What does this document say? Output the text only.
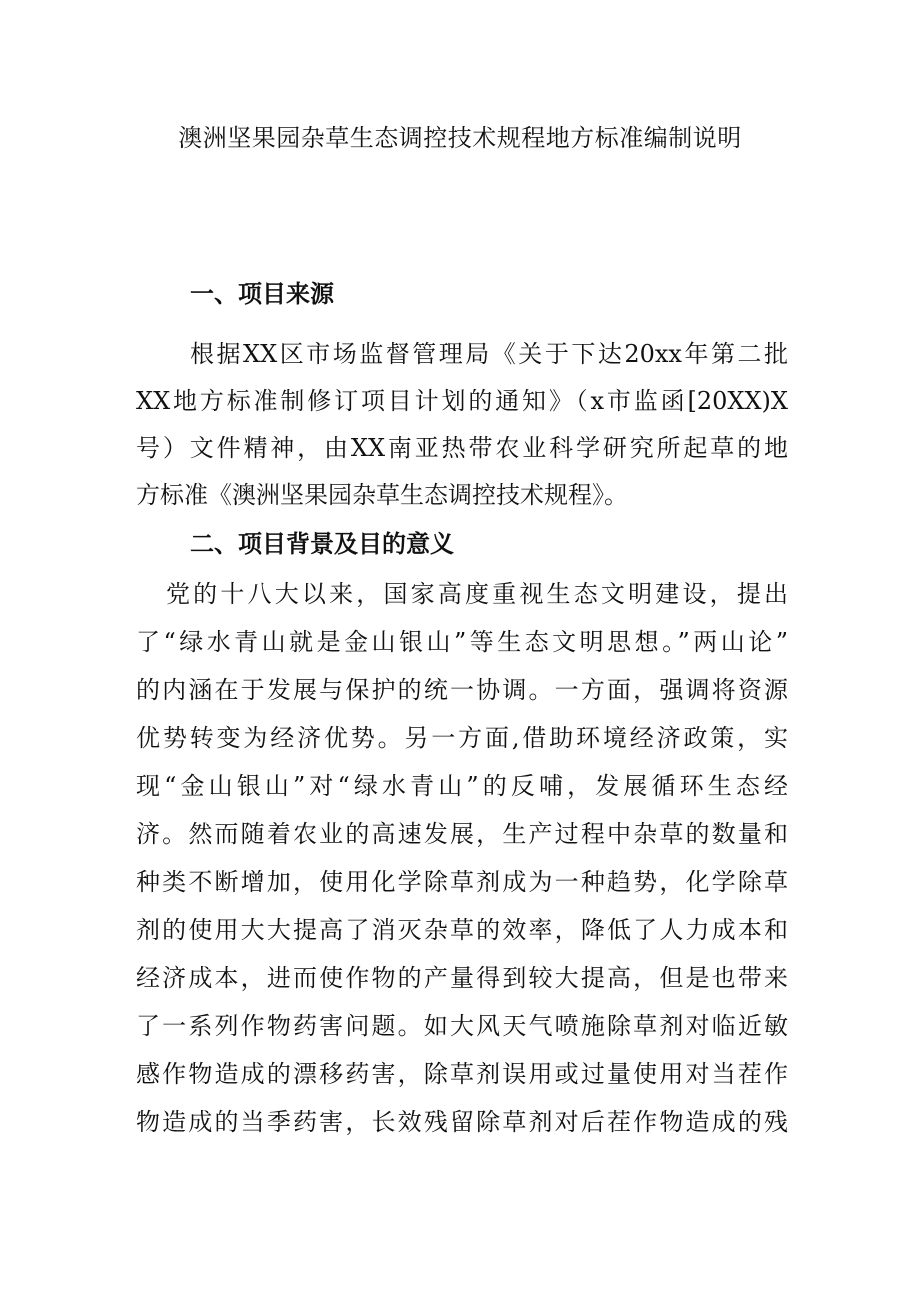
澳洲坚果园杂草生态调控技术规程地方标准编制说明
一、项目来源
根据XX区市场监督管理局《关于下达20xx年第二批
XX地方标准制修订项目计划的通知》（x市监函[20XX)X
号）文件精神，由XX南亚热带农业科学研究所起草的地
方标准《澳洲坚果园杂草生态调控技术规程》。
二、项目背景及目的意义
党的十八大以来，国家高度重视生态文明建设，提出
了“绿水青山就是金山银山”等生态文明思想。”两山论”
的内涵在于发展与保护的统一协调。一方面，强调将资源
优势转变为经济优势。另一方面,借助环境经济政策，实
现“金山银山”对“绿水青山”的反哺，发展循环生态经
济。然而随着农业的高速发展，生产过程中杂草的数量和
种类不断增加，使用化学除草剂成为一种趋势，化学除草
剂的使用大大提高了消灭杂草的效率，降低了人力成本和
经济成本，进而使作物的产量得到较大提高，但是也带来
了一系列作物药害问题。如大风天气喷施除草剂对临近敏
感作物造成的漂移药害，除草剂误用或过量使用对当茬作
物造成的当季药害，长效残留除草剂对后茬作物造成的残
